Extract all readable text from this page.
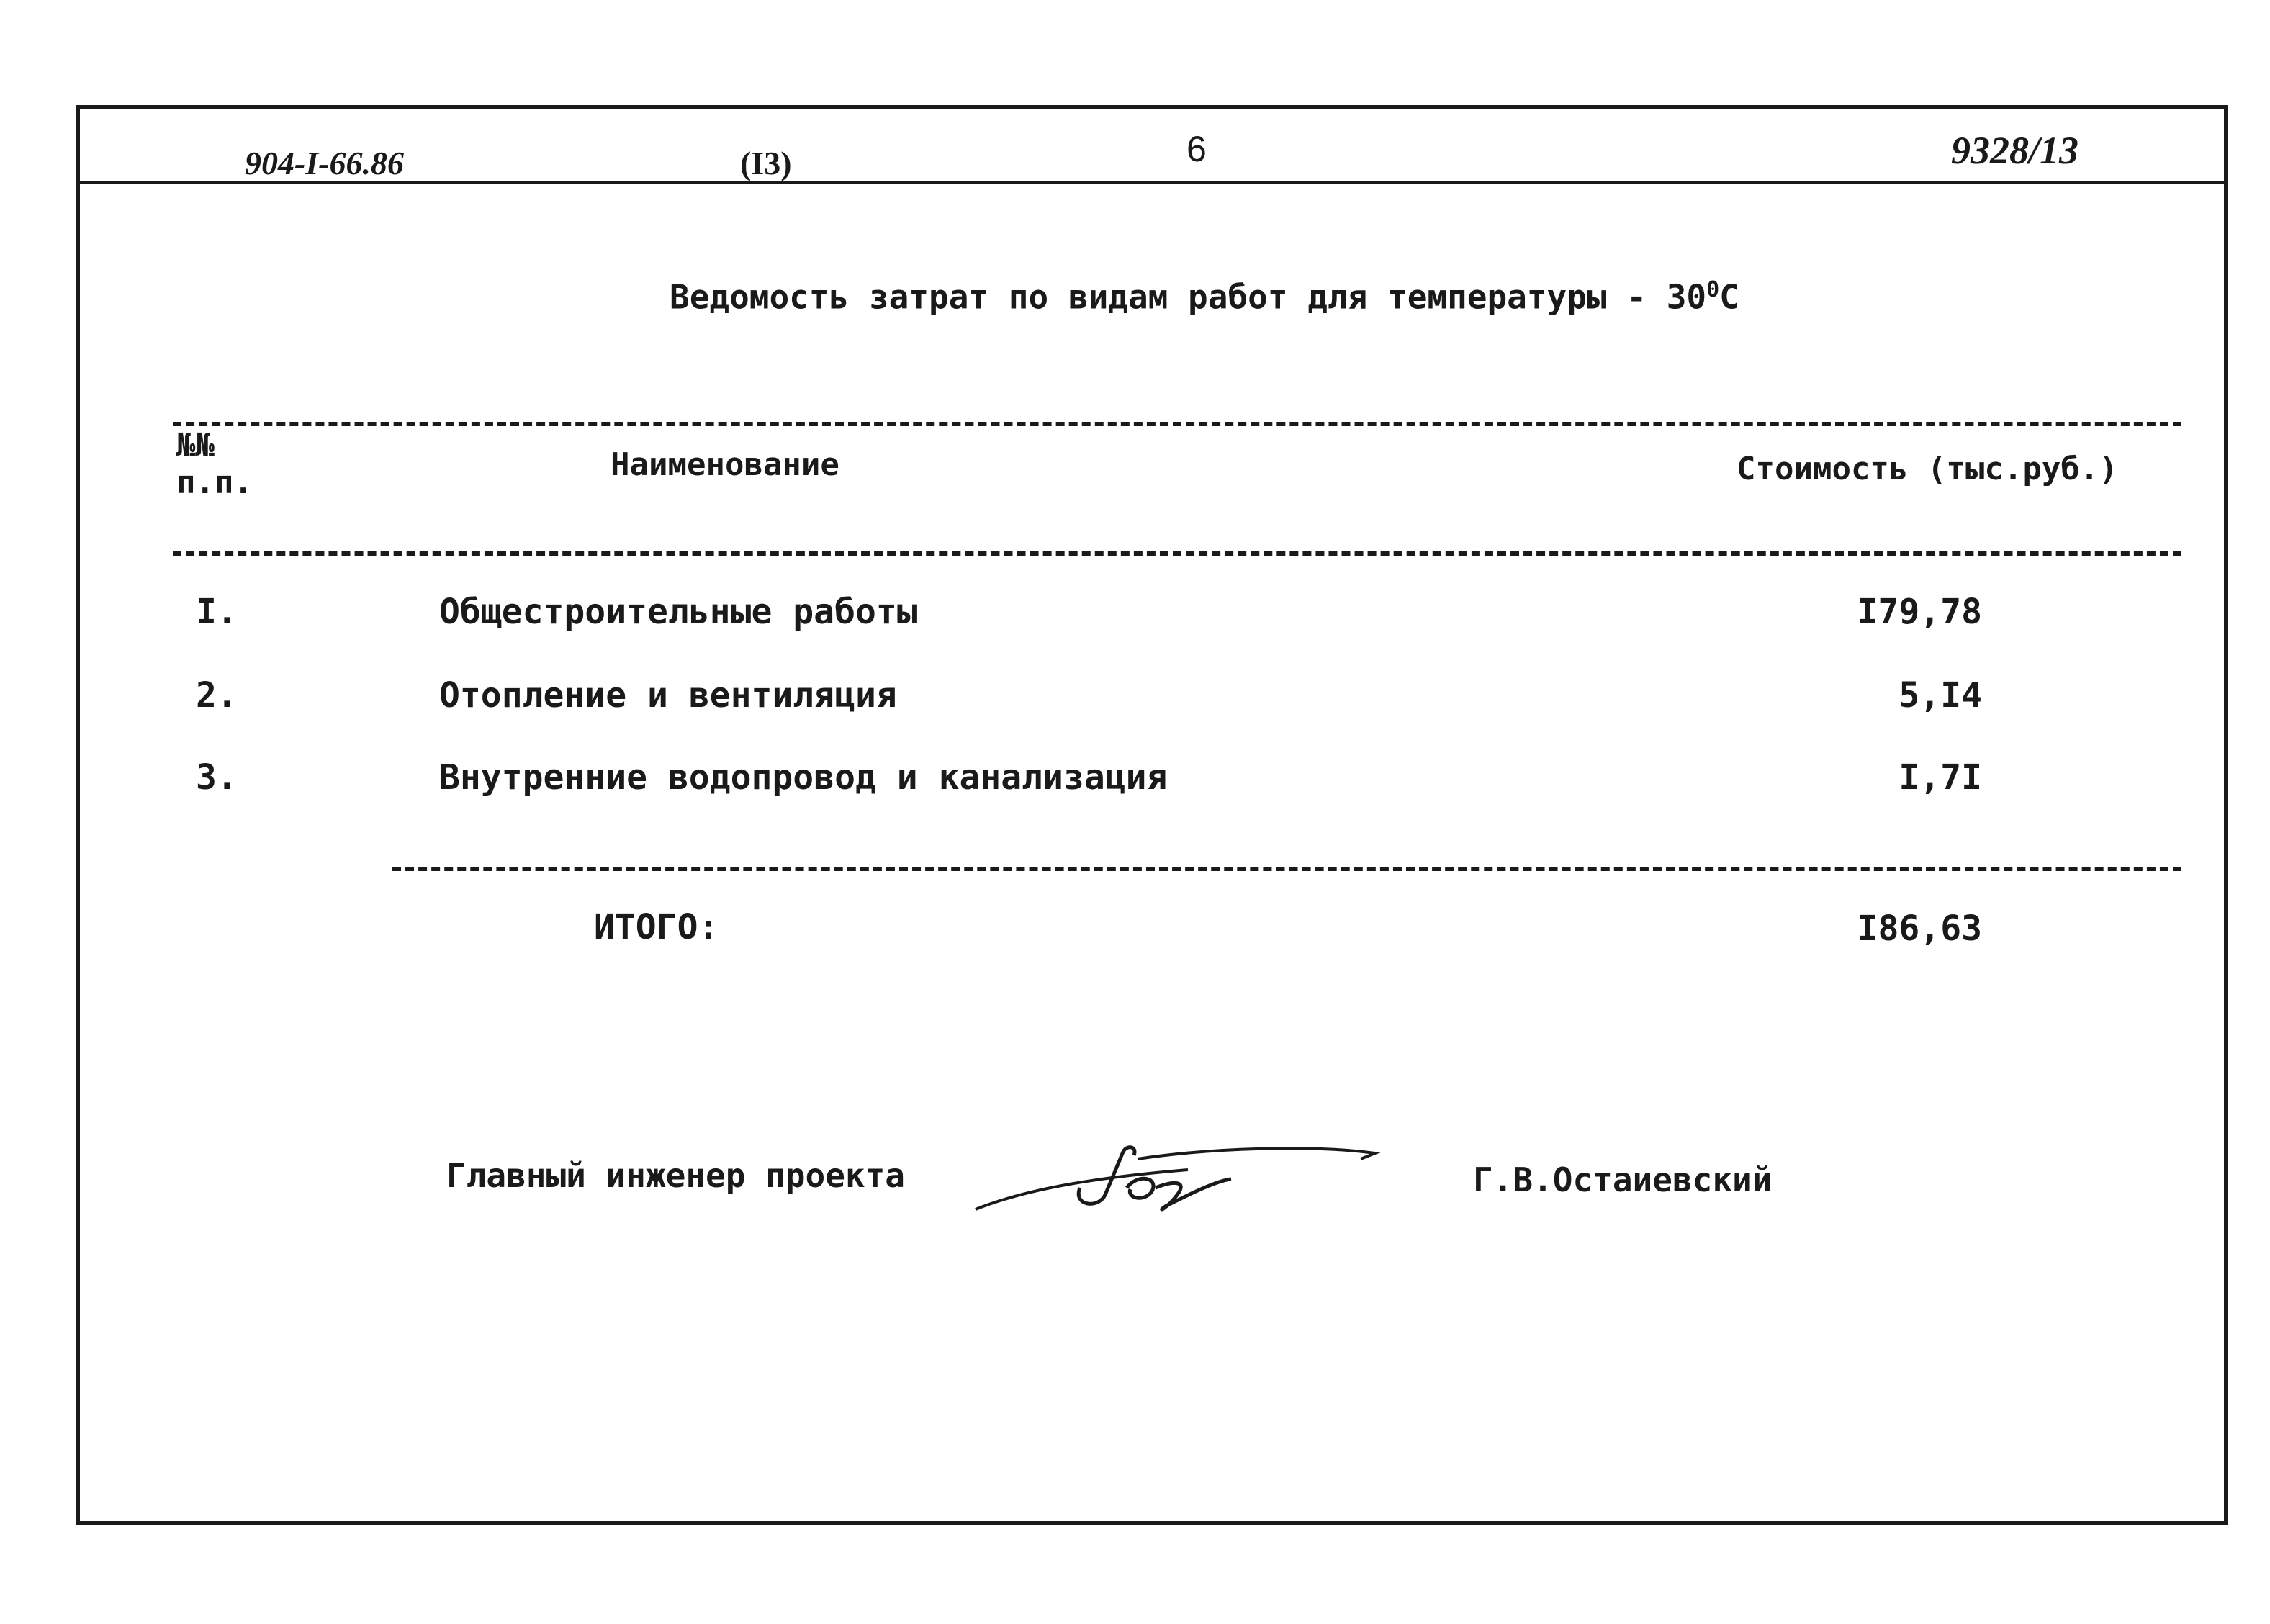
904-I-66.86	(I3)	6	9328/13
Ведомость затрат по видам работ для температуры - $30^0C$
№№
п.п.	Наименование	Стоимость (тыс.руб.)
I.	Общестроительные работы	I79,78
2.	Отопление и вентиляция	5,I4
3.	Внутренние водопровод и канализация	I,7I
ИТОГО:	I86,63
Главный инженер проекта	Г.В.Остаиевский
